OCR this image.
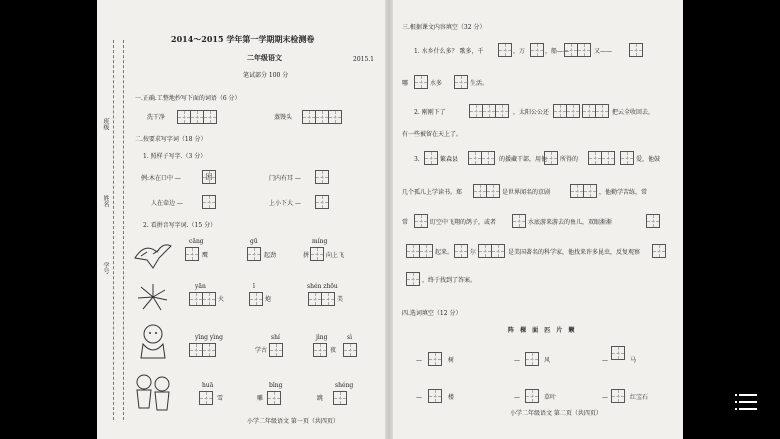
班级
姓名
学号
2014～2015 学年第一学期期末检测卷
二年级语文	2015.1
笔试部分 100 分
一.正确.工整地抄写下面的词语（6 分）
洗干净	蒸馒头
二.按要求写字词（18 分）
1. 照样子写字.（3 分）
例:木在口中 —	困	门内有耳 —
人在牵边 —	上小下大 —
2. 看拼音写字词.（15 分）
cāng
鹰
gū
起劲	拼
míng
向上飞
yān
火
ī
炮
shén zhōu
美
yīng yìng
学古
shí	jìng
夜
sì
huā
雪
bīng
雕
shéng
跳
小学二年级语文 第一页（共四页）
三.根据课文内容填空（32 分）
1. 水乡什么多？ 歌多，千	，万	，船——	又——
哪	水多	生活。
2. 刚刚下了	，太阳公公还	把云全收回去，
有一些被留在天上了。
3.	繁森县	的援藏干部，用他 所得的	爱，他鼓
几个孤儿上学读书。郑	是世界闻名的京剧	，他勤学苦练，常
常	盯空中飞翔的鸽子，或者	水底游来游去的鱼儿，双眼渐渐
起来。	尔	是美国著名的科学家，他找来许多昆虫，反复观察
，终于找到了答案。
四.选词填空（12 分）
阵 棵 面 匹 片 颗
—	树	—	风	—	马
—	楼	—	草叶	—	红宝石
小学二年级语文 第二页（共四页）
